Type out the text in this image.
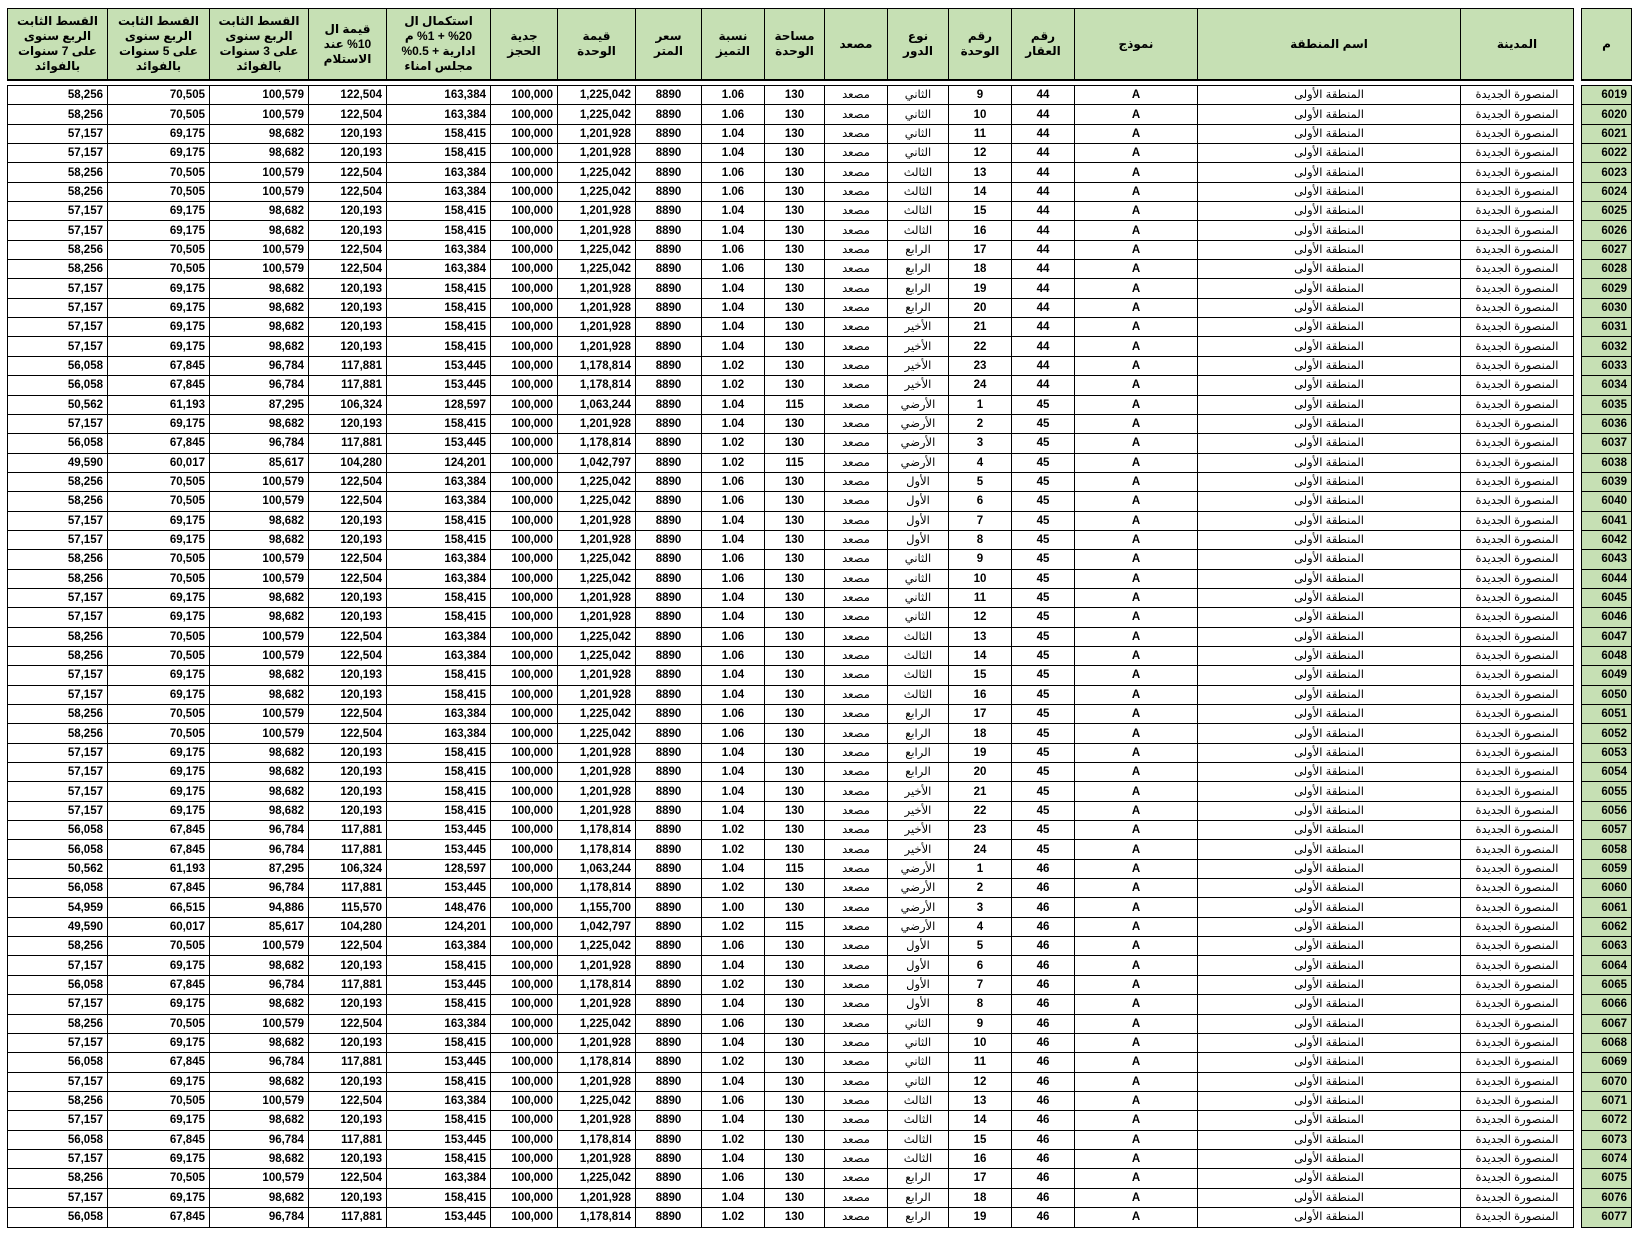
القسط الثابت الربع سنوى على 7 سنوات بالفوائد	القسط الثابت الربع سنوى على 5 سنوات بالفوائد	القسط الثابت الربع سنوى على 3 سنوات بالفوائد	قيمة ال 10% عند الاستلام	استكمال ال 20% + 1% م ادارية + 0.5% مجلس امناء	جدية الحجز	قيمة الوحدة	سعر المتر	نسبة التميز	مساحة الوحدة	مصعد	نوع الدور	رقم الوحدة	رقم العقار	نموذج	اسم المنطقة	المدينة		م

58,256	70,505	100,579	122,504	163,384	100,000	1,225,042	8890	1.06	130	مصعد	الثاني	9	44	A	المنطقة الأولى	المنصورة الجديدة		6019
58,256	70,505	100,579	122,504	163,384	100,000	1,225,042	8890	1.06	130	مصعد	الثاني	10	44	A	المنطقة الأولى	المنصورة الجديدة		6020
57,157	69,175	98,682	120,193	158,415	100,000	1,201,928	8890	1.04	130	مصعد	الثاني	11	44	A	المنطقة الأولى	المنصورة الجديدة		6021
57,157	69,175	98,682	120,193	158,415	100,000	1,201,928	8890	1.04	130	مصعد	الثاني	12	44	A	المنطقة الأولى	المنصورة الجديدة		6022
58,256	70,505	100,579	122,504	163,384	100,000	1,225,042	8890	1.06	130	مصعد	الثالث	13	44	A	المنطقة الأولى	المنصورة الجديدة		6023
58,256	70,505	100,579	122,504	163,384	100,000	1,225,042	8890	1.06	130	مصعد	الثالث	14	44	A	المنطقة الأولى	المنصورة الجديدة		6024
57,157	69,175	98,682	120,193	158,415	100,000	1,201,928	8890	1.04	130	مصعد	الثالث	15	44	A	المنطقة الأولى	المنصورة الجديدة		6025
57,157	69,175	98,682	120,193	158,415	100,000	1,201,928	8890	1.04	130	مصعد	الثالث	16	44	A	المنطقة الأولى	المنصورة الجديدة		6026
58,256	70,505	100,579	122,504	163,384	100,000	1,225,042	8890	1.06	130	مصعد	الرابع	17	44	A	المنطقة الأولى	المنصورة الجديدة		6027
58,256	70,505	100,579	122,504	163,384	100,000	1,225,042	8890	1.06	130	مصعد	الرابع	18	44	A	المنطقة الأولى	المنصورة الجديدة		6028
57,157	69,175	98,682	120,193	158,415	100,000	1,201,928	8890	1.04	130	مصعد	الرابع	19	44	A	المنطقة الأولى	المنصورة الجديدة		6029
57,157	69,175	98,682	120,193	158,415	100,000	1,201,928	8890	1.04	130	مصعد	الرابع	20	44	A	المنطقة الأولى	المنصورة الجديدة		6030
57,157	69,175	98,682	120,193	158,415	100,000	1,201,928	8890	1.04	130	مصعد	الأخير	21	44	A	المنطقة الأولى	المنصورة الجديدة		6031
57,157	69,175	98,682	120,193	158,415	100,000	1,201,928	8890	1.04	130	مصعد	الأخير	22	44	A	المنطقة الأولى	المنصورة الجديدة		6032
56,058	67,845	96,784	117,881	153,445	100,000	1,178,814	8890	1.02	130	مصعد	الأخير	23	44	A	المنطقة الأولى	المنصورة الجديدة		6033
56,058	67,845	96,784	117,881	153,445	100,000	1,178,814	8890	1.02	130	مصعد	الأخير	24	44	A	المنطقة الأولى	المنصورة الجديدة		6034
50,562	61,193	87,295	106,324	128,597	100,000	1,063,244	8890	1.04	115	مصعد	الأرضي	1	45	A	المنطقة الأولى	المنصورة الجديدة		6035
57,157	69,175	98,682	120,193	158,415	100,000	1,201,928	8890	1.04	130	مصعد	الأرضي	2	45	A	المنطقة الأولى	المنصورة الجديدة		6036
56,058	67,845	96,784	117,881	153,445	100,000	1,178,814	8890	1.02	130	مصعد	الأرضي	3	45	A	المنطقة الأولى	المنصورة الجديدة		6037
49,590	60,017	85,617	104,280	124,201	100,000	1,042,797	8890	1.02	115	مصعد	الأرضي	4	45	A	المنطقة الأولى	المنصورة الجديدة		6038
58,256	70,505	100,579	122,504	163,384	100,000	1,225,042	8890	1.06	130	مصعد	الأول	5	45	A	المنطقة الأولى	المنصورة الجديدة		6039
58,256	70,505	100,579	122,504	163,384	100,000	1,225,042	8890	1.06	130	مصعد	الأول	6	45	A	المنطقة الأولى	المنصورة الجديدة		6040
57,157	69,175	98,682	120,193	158,415	100,000	1,201,928	8890	1.04	130	مصعد	الأول	7	45	A	المنطقة الأولى	المنصورة الجديدة		6041
57,157	69,175	98,682	120,193	158,415	100,000	1,201,928	8890	1.04	130	مصعد	الأول	8	45	A	المنطقة الأولى	المنصورة الجديدة		6042
58,256	70,505	100,579	122,504	163,384	100,000	1,225,042	8890	1.06	130	مصعد	الثاني	9	45	A	المنطقة الأولى	المنصورة الجديدة		6043
58,256	70,505	100,579	122,504	163,384	100,000	1,225,042	8890	1.06	130	مصعد	الثاني	10	45	A	المنطقة الأولى	المنصورة الجديدة		6044
57,157	69,175	98,682	120,193	158,415	100,000	1,201,928	8890	1.04	130	مصعد	الثاني	11	45	A	المنطقة الأولى	المنصورة الجديدة		6045
57,157	69,175	98,682	120,193	158,415	100,000	1,201,928	8890	1.04	130	مصعد	الثاني	12	45	A	المنطقة الأولى	المنصورة الجديدة		6046
58,256	70,505	100,579	122,504	163,384	100,000	1,225,042	8890	1.06	130	مصعد	الثالث	13	45	A	المنطقة الأولى	المنصورة الجديدة		6047
58,256	70,505	100,579	122,504	163,384	100,000	1,225,042	8890	1.06	130	مصعد	الثالث	14	45	A	المنطقة الأولى	المنصورة الجديدة		6048
57,157	69,175	98,682	120,193	158,415	100,000	1,201,928	8890	1.04	130	مصعد	الثالث	15	45	A	المنطقة الأولى	المنصورة الجديدة		6049
57,157	69,175	98,682	120,193	158,415	100,000	1,201,928	8890	1.04	130	مصعد	الثالث	16	45	A	المنطقة الأولى	المنصورة الجديدة		6050
58,256	70,505	100,579	122,504	163,384	100,000	1,225,042	8890	1.06	130	مصعد	الرابع	17	45	A	المنطقة الأولى	المنصورة الجديدة		6051
58,256	70,505	100,579	122,504	163,384	100,000	1,225,042	8890	1.06	130	مصعد	الرابع	18	45	A	المنطقة الأولى	المنصورة الجديدة		6052
57,157	69,175	98,682	120,193	158,415	100,000	1,201,928	8890	1.04	130	مصعد	الرابع	19	45	A	المنطقة الأولى	المنصورة الجديدة		6053
57,157	69,175	98,682	120,193	158,415	100,000	1,201,928	8890	1.04	130	مصعد	الرابع	20	45	A	المنطقة الأولى	المنصورة الجديدة		6054
57,157	69,175	98,682	120,193	158,415	100,000	1,201,928	8890	1.04	130	مصعد	الأخير	21	45	A	المنطقة الأولى	المنصورة الجديدة		6055
57,157	69,175	98,682	120,193	158,415	100,000	1,201,928	8890	1.04	130	مصعد	الأخير	22	45	A	المنطقة الأولى	المنصورة الجديدة		6056
56,058	67,845	96,784	117,881	153,445	100,000	1,178,814	8890	1.02	130	مصعد	الأخير	23	45	A	المنطقة الأولى	المنصورة الجديدة		6057
56,058	67,845	96,784	117,881	153,445	100,000	1,178,814	8890	1.02	130	مصعد	الأخير	24	45	A	المنطقة الأولى	المنصورة الجديدة		6058
50,562	61,193	87,295	106,324	128,597	100,000	1,063,244	8890	1.04	115	مصعد	الأرضي	1	46	A	المنطقة الأولى	المنصورة الجديدة		6059
56,058	67,845	96,784	117,881	153,445	100,000	1,178,814	8890	1.02	130	مصعد	الأرضي	2	46	A	المنطقة الأولى	المنصورة الجديدة		6060
54,959	66,515	94,886	115,570	148,476	100,000	1,155,700	8890	1.00	130	مصعد	الأرضي	3	46	A	المنطقة الأولى	المنصورة الجديدة		6061
49,590	60,017	85,617	104,280	124,201	100,000	1,042,797	8890	1.02	115	مصعد	الأرضي	4	46	A	المنطقة الأولى	المنصورة الجديدة		6062
58,256	70,505	100,579	122,504	163,384	100,000	1,225,042	8890	1.06	130	مصعد	الأول	5	46	A	المنطقة الأولى	المنصورة الجديدة		6063
57,157	69,175	98,682	120,193	158,415	100,000	1,201,928	8890	1.04	130	مصعد	الأول	6	46	A	المنطقة الأولى	المنصورة الجديدة		6064
56,058	67,845	96,784	117,881	153,445	100,000	1,178,814	8890	1.02	130	مصعد	الأول	7	46	A	المنطقة الأولى	المنصورة الجديدة		6065
57,157	69,175	98,682	120,193	158,415	100,000	1,201,928	8890	1.04	130	مصعد	الأول	8	46	A	المنطقة الأولى	المنصورة الجديدة		6066
58,256	70,505	100,579	122,504	163,384	100,000	1,225,042	8890	1.06	130	مصعد	الثاني	9	46	A	المنطقة الأولى	المنصورة الجديدة		6067
57,157	69,175	98,682	120,193	158,415	100,000	1,201,928	8890	1.04	130	مصعد	الثاني	10	46	A	المنطقة الأولى	المنصورة الجديدة		6068
56,058	67,845	96,784	117,881	153,445	100,000	1,178,814	8890	1.02	130	مصعد	الثاني	11	46	A	المنطقة الأولى	المنصورة الجديدة		6069
57,157	69,175	98,682	120,193	158,415	100,000	1,201,928	8890	1.04	130	مصعد	الثاني	12	46	A	المنطقة الأولى	المنصورة الجديدة		6070
58,256	70,505	100,579	122,504	163,384	100,000	1,225,042	8890	1.06	130	مصعد	الثالث	13	46	A	المنطقة الأولى	المنصورة الجديدة		6071
57,157	69,175	98,682	120,193	158,415	100,000	1,201,928	8890	1.04	130	مصعد	الثالث	14	46	A	المنطقة الأولى	المنصورة الجديدة		6072
56,058	67,845	96,784	117,881	153,445	100,000	1,178,814	8890	1.02	130	مصعد	الثالث	15	46	A	المنطقة الأولى	المنصورة الجديدة		6073
57,157	69,175	98,682	120,193	158,415	100,000	1,201,928	8890	1.04	130	مصعد	الثالث	16	46	A	المنطقة الأولى	المنصورة الجديدة		6074
58,256	70,505	100,579	122,504	163,384	100,000	1,225,042	8890	1.06	130	مصعد	الرابع	17	46	A	المنطقة الأولى	المنصورة الجديدة		6075
57,157	69,175	98,682	120,193	158,415	100,000	1,201,928	8890	1.04	130	مصعد	الرابع	18	46	A	المنطقة الأولى	المنصورة الجديدة		6076
56,058	67,845	96,784	117,881	153,445	100,000	1,178,814	8890	1.02	130	مصعد	الرابع	19	46	A	المنطقة الأولى	المنصورة الجديدة		6077
